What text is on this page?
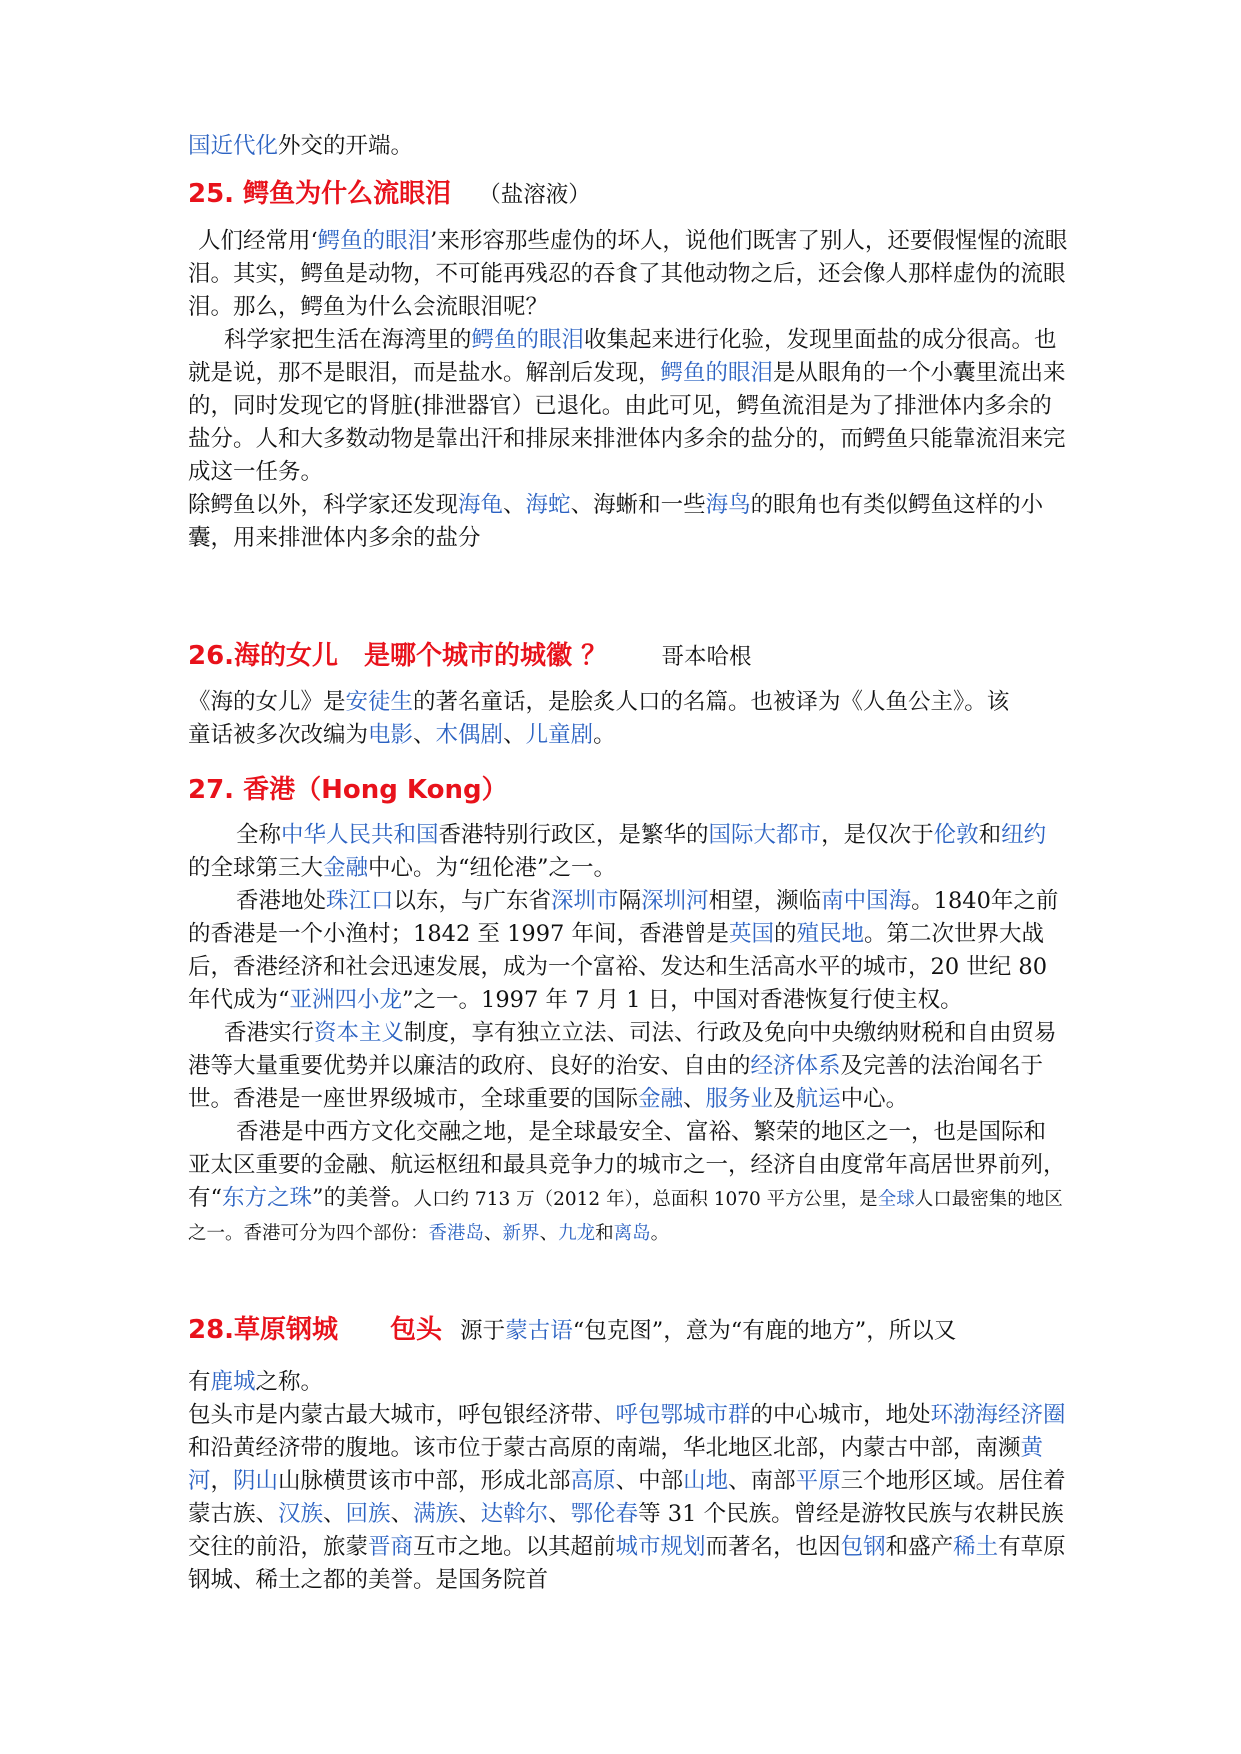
国近代化外交的开端。

25. 鳄鱼为什么流眼泪 （盐溶液）

人们经常用‘鳄鱼的眼泪’来形容那些虚伪的坏人，说他们既害了别人，还要假惺惺的流眼泪。其实，鳄鱼是动物，不可能再残忍的吞食了其他动物之后，还会像人那样虚伪的流眼泪。那么，鳄鱼为什么会流眼泪呢？

科学家把生活在海湾里的鳄鱼的眼泪收集起来进行化验，发现里面盐的成分很高。也就是说，那不是眼泪，而是盐水。解剖后发现，鳄鱼的眼泪是从眼角的一个小囊里流出来的，同时发现它的肾脏(排泄器官）已退化。由此可见，鳄鱼流泪是为了排泄体内多余的盐分。人和大多数动物是靠出汗和排尿来排泄体内多余的盐分的，而鳄鱼只能靠流泪来完成这一任务。

除鳄鱼以外，科学家还发现海龟、海蛇、海蜥和一些海鸟的眼角也有类似鳄鱼这样的小囊，用来排泄体内多余的盐分

26.海的女儿　是哪个城市的城徽 ？ 哥本哈根

《海的女儿》是安徒生的著名童话，是脍炙人口的名篇。也被译为《人鱼公主》。该童话被多次改编为电影、木偶剧、儿童剧。

27. 香港（Hong Kong）

全称中华人民共和国香港特别行政区，是繁华的国际大都市，是仅次于伦敦和纽约的全球第三大金融中心。为“纽伦港”之一。

香港地处珠江口以东，与广东省深圳市隔深圳河相望，濒临南中国海。1840年之前的香港是一个小渔村；1842 至 1997 年间，香港曾是英国的殖民地。第二次世界大战后，香港经济和社会迅速发展，成为一个富裕、发达和生活高水平的城市，20 世纪 80 年代成为“亚洲四小龙”之一。1997 年 7 月 1 日，中国对香港恢复行使主权。

香港实行资本主义制度，享有独立立法、司法、行政及免向中央缴纳财税和自由贸易港等大量重要优势并以廉洁的政府、良好的治安、自由的经济体系及完善的法治闻名于世。香港是一座世界级城市，全球重要的国际金融、服务业及航运中心。

香港是中西方文化交融之地，是全球最安全、富裕、繁荣的地区之一，也是国际和亚太区重要的金融、航运枢纽和最具竞争力的城市之一，经济自由度常年高居世界前列，有“东方之珠”的美誉。人口约 713 万（2012 年），总面积 1070 平方公里，是全球人口最密集的地区之一。香港可分为四个部份：香港岛、新界、九龙和离岛。

28.草原钢城　　包头 源于蒙古语“包克图”，意为“有鹿的地方”，所以又

有鹿城之称。

包头市是内蒙古最大城市，呼包银经济带、呼包鄂城市群的中心城市，地处环渤海经济圈和沿黄经济带的腹地。该市位于蒙古高原的南端，华北地区北部，内蒙古中部，南濒黄河，阴山山脉横贯该市中部，形成北部高原、中部山地、南部平原三个地形区域。居住着蒙古族、汉族、回族、满族、达斡尔、鄂伦春等 31 个民族。曾经是游牧民族与农耕民族交往的前沿，旅蒙晋商互市之地。以其超前城市规划而著名，也因包钢和盛产稀土有草原钢城、稀土之都的美誉。是国务院首
